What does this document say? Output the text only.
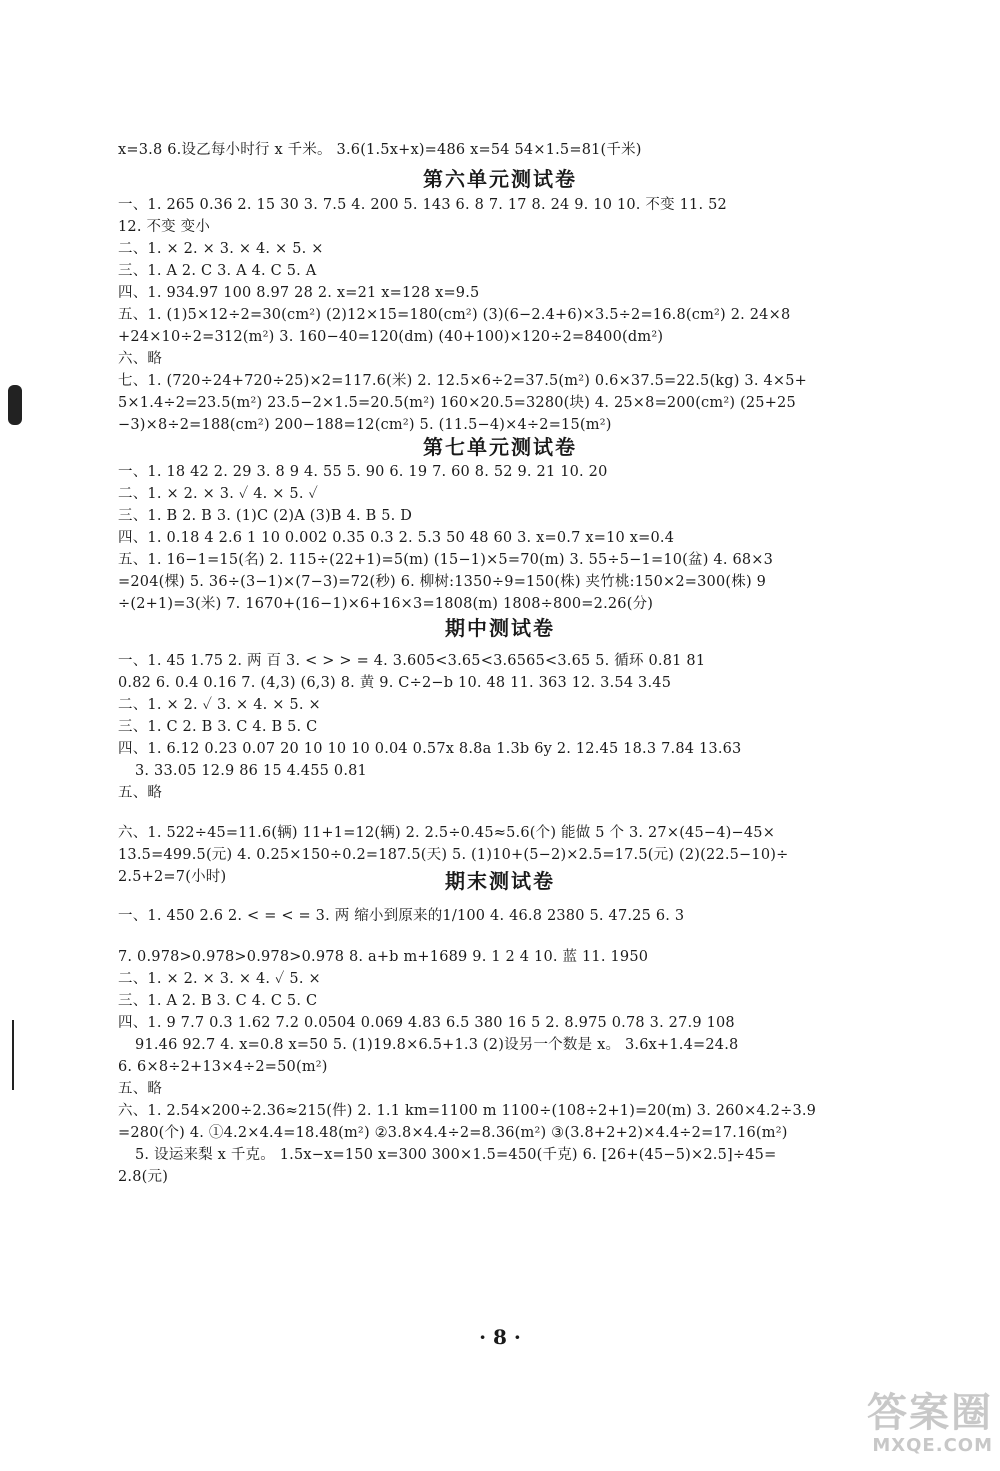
x=3.8 6.设乙每小时行 x 千米。 3.6(1.5x+x)=486 x=54 54×1.5=81(千米)
第六单元测试卷
一、1. 265 0.36 2. 15 30 3. 7.5 4. 200 5. 143 6. 8 7. 17 8. 24 9. 10 10. 不变 11. 52
12. 不变 变小
二、1. × 2. × 3. × 4. × 5. ×
三、1. A 2. C 3. A 4. C 5. A
四、1. 934.97 100 8.97 28 2. x=21 x=128 x=9.5
五、1. (1)5×12÷2=30(cm²) (2)12×15=180(cm²) (3)(6−2.4+6)×3.5÷2=16.8(cm²) 2. 24×8
+24×10÷2=312(m²) 3. 160−40=120(dm) (40+100)×120÷2=8400(dm²)
六、略
七、1. (720÷24+720÷25)×2=117.6(米) 2. 12.5×6÷2=37.5(m²) 0.6×37.5=22.5(kg) 3. 4×5+
5×1.4÷2=23.5(m²) 23.5−2×1.5=20.5(m²) 160×20.5=3280(块) 4. 25×8=200(cm²) (25+25
−3)×8÷2=188(cm²) 200−188=12(cm²) 5. (11.5−4)×4÷2=15(m²)
第七单元测试卷
一、1. 18 42 2. 29 3. 8 9 4. 55 5. 90 6. 19 7. 60 8. 52 9. 21 10. 20
二、1. × 2. × 3. ✓ 4. × 5. ✓
三、1. B 2. B 3. (1)C (2)A (3)B 4. B 5. D
四、1. 0.18 4 2.6 1 10 0.002 0.35 0.3 2. 5.3 50 48 60 3. x=0.7 x=10 x=0.4
五、1. 16−1=15(名) 2. 115÷(22+1)=5(m) (15−1)×5=70(m) 3. 55÷5−1=10(盆) 4. 68×3
=204(棵) 5. 36÷(3−1)×(7−3)=72(秒) 6. 柳树:1350÷9=150(株) 夹竹桃:150×2=300(株) 9
÷(2+1)=3(米) 7. 1670+(16−1)×6+16×3=1808(m) 1808÷800=2.26(分)
期中测试卷
一、1. 45 1.75 2. 两 百 3. < > > = 4. 3.605<3.65<3.6565<3.65 5. 循环 0.81 81
0.82 6. 0.4 0.16 7. (4,3) (6,3) 8. 黄 9. C÷2−b 10. 48 11. 363 12. 3.54 3.45
二、1. × 2. ✓ 3. × 4. × 5. ×
三、1. C 2. B 3. C 4. B 5. C
四、1. 6.12 0.23 0.07 20 10 10 10 0.04 0.57x 8.8a 1.3b 6y 2. 12.45 18.3 7.84 13.63
3. 33.05 12.9 86 15 4.455 0.81
五、略
六、1. 522÷45=11.6(辆) 11+1=12(辆) 2. 2.5÷0.45≈5.6(个) 能做 5 个 3. 27×(45−4)−45×
13.5=499.5(元) 4. 0.25×150÷0.2=187.5(天) 5. (1)10+(5−2)×2.5=17.5(元) (2)(22.5−10)÷
2.5+2=7(小时)	期末测试卷
一、1. 450 2.6 2. < = < = 3. 两 缩小到原来的1/100 4. 46.8 2380 5. 47.25 6. 3
7. 0.978>0.978>0.978>0.978 8. a+b m+1689 9. 1 2 4 10. 蓝 11. 1950
二、1. × 2. × 3. × 4. ✓ 5. ×
三、1. A 2. B 3. C 4. C 5. C
四、1. 9 7.7 0.3 1.62 7.2 0.0504 0.069 4.83 6.5 380 16 5 2. 8.975 0.78 3. 27.9 108
91.46 92.7 4. x=0.8 x=50 5. (1)19.8×6.5+1.3 (2)设另一个数是 x。 3.6x+1.4=24.8
6. 6×8÷2+13×4÷2=50(m²)
五、略
六、1. 2.54×200÷2.36≈215(件) 2. 1.1 km=1100 m 1100÷(108÷2+1)=20(m) 3. 260×4.2÷3.9
=280(个) 4. ①4.2×4.4=18.48(m²) ②3.8×4.4÷2=8.36(m²) ③(3.8+2+2)×4.4÷2=17.16(m²)
5. 设运来梨 x 千克。 1.5x−x=150 x=300 300×1.5=450(千克) 6. [26+(45−5)×2.5]÷45=
2.8(元)
· 8 ·
答案圈
MXQE.COM
